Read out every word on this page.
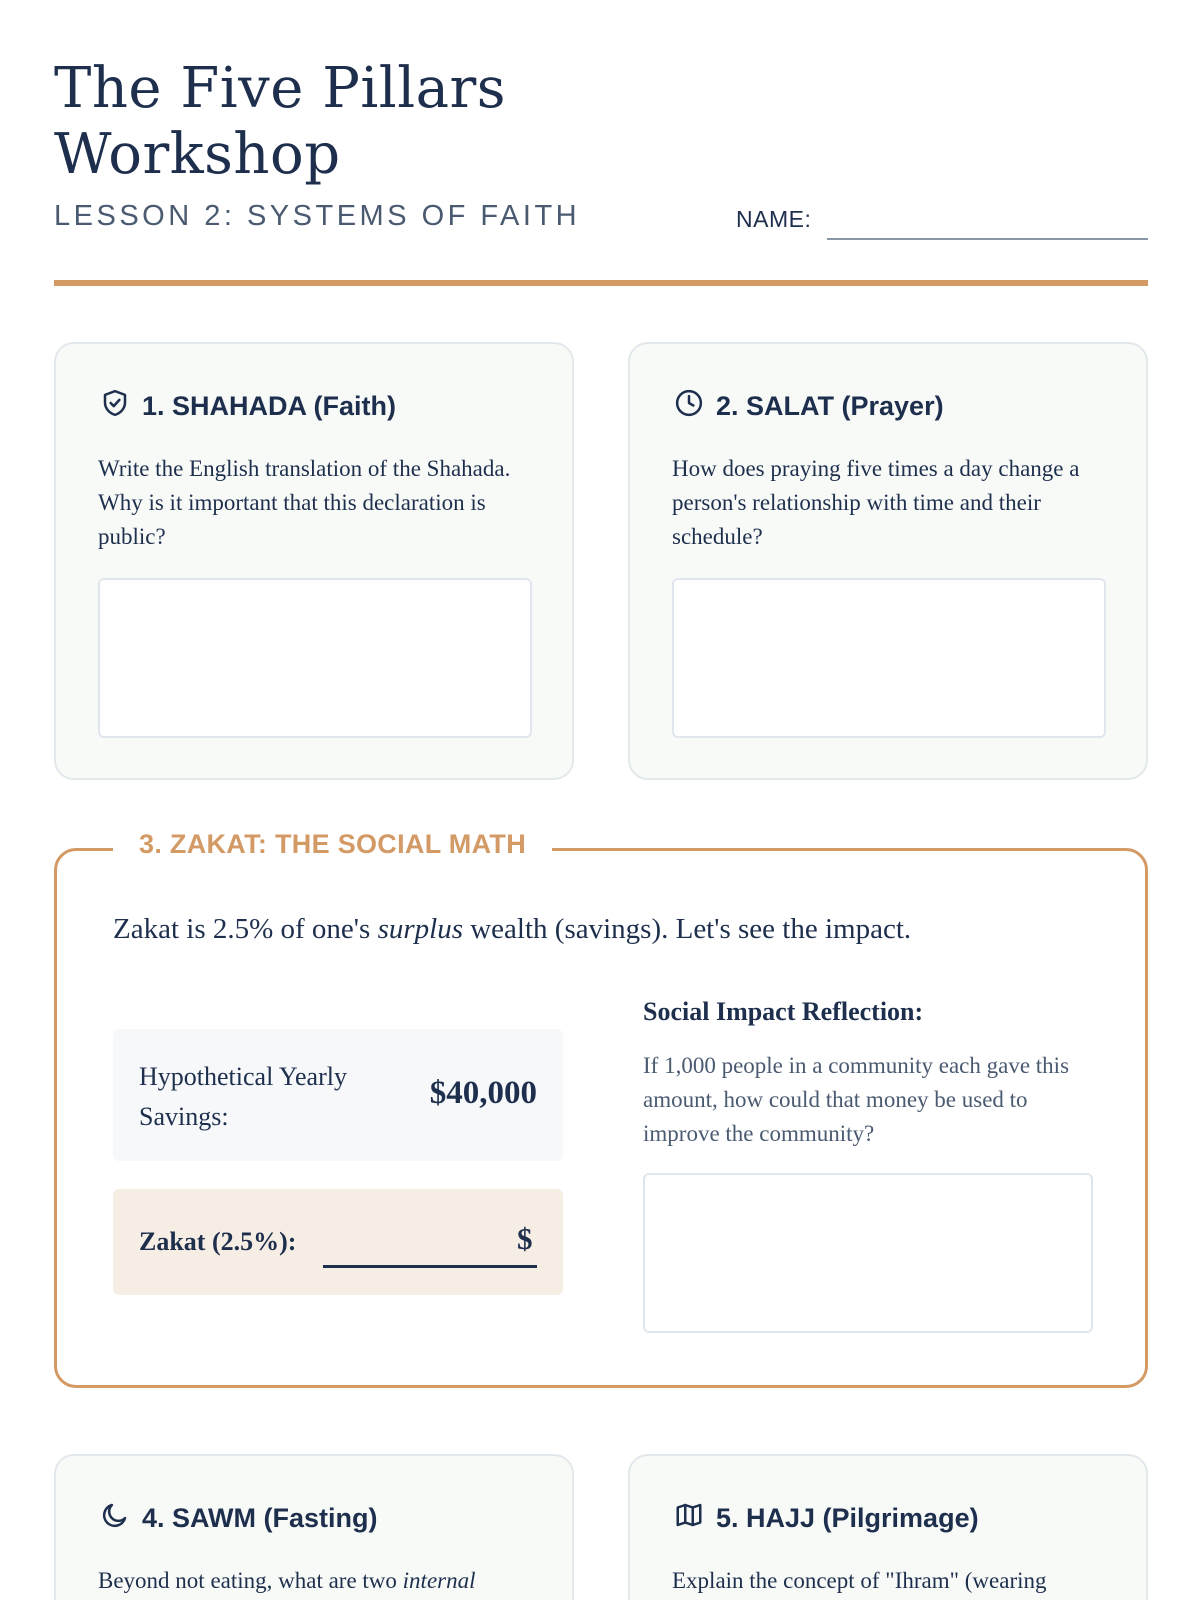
The Five Pillars Workshop
LESSON 2: SYSTEMS OF FAITH	NAME:
1. SHAHADA (Faith)
Write the English translation of the Shahada. Why is it important that this declaration is public?
2. SALAT (Prayer)
How does praying five times a day change a person's relationship with time and their schedule?
3. ZAKAT: THE SOCIAL MATH
Zakat is 2.5% of one's surplus wealth (savings). Let's see the impact.
Hypothetical Yearly Savings:
$40,000
Zakat (2.5%):	$
Social Impact Reflection:
If 1,000 people in a community each gave this amount, how could that money be used to improve the community?
4. SAWM (Fasting)
Beyond not eating, what are two internal
5. HAJJ (Pilgrimage)
Explain the concept of "Ihram" (wearing
